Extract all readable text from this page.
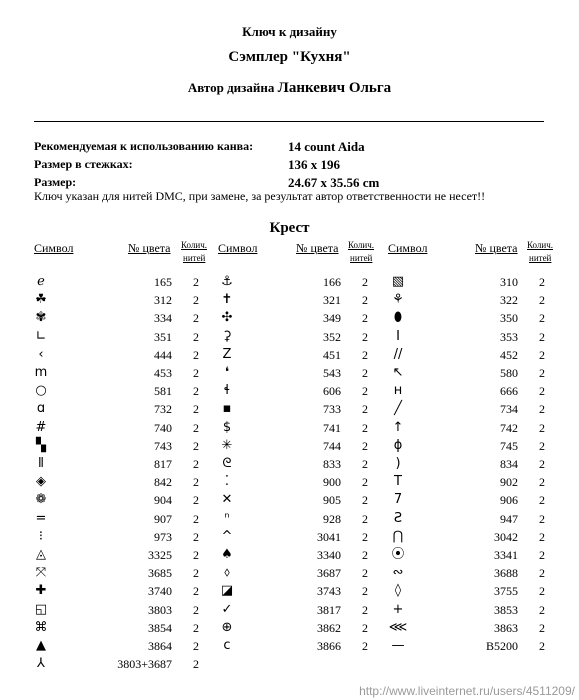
Ключ к дизайну
Сэмплер "Кухня"
Автор дизайна Ланкевич Ольга
Рекомендуемая к использованию канва:	14 count Aida
Размер в стежках:	136 x 196
Размер:	24.67 x 35.56 cm
Ключ указан для нитей DMC, при замене, за результат автор ответственности не несет!!
Крест
Символ	№ цвета Колич.
нитей
ℯ	165	2
☘	312	2
✾	334	2
∟	351	2
‹	444	2
m	453	2
○	581	2
ɑ	732	2
#	740	2
▚	743	2
⦀	817	2
◈	842	2
❁	904	2
=	907	2
⁝	973	2
◬	3325	2
⤧	3685	2
✚	3740	2
◱	3803	2
⌘	3854	2
▲	3864	2
⅄	3803+3687	2
Символ	№ цвета Колич.
нитей
⚓	166	2
✝	321	2
✣	349	2
⚳	352	2
Z	451	2
❛	543	2
ɬ	606	2
▪	733	2
$	741	2
✳	744	2
ᘓ	833	2
⁚	900	2
✕	905	2
ⁿ	928	2
^	3041	2
♠	3340	2
⬨	3687	2
◪	3743	2
✓	3817	2
⊕	3862	2
c	3866	2
Символ	№ цвета Колич.
нитей
▧	310	2
⚘	322	2
⬮	350	2
I	353	2
//	452	2
↖	580	2
н	666	2
╱	734	2
↑	742	2
ɸ	745	2
)	834	2
T	902	2
7	906	2
Ƨ	947	2
⋂	3042	2
⦿	3341	2
∾	3688	2
◊	3755	2
+	3853	2
⋘	3863	2
—	B5200	2
http://www.liveinternet.ru/users/4511209/
